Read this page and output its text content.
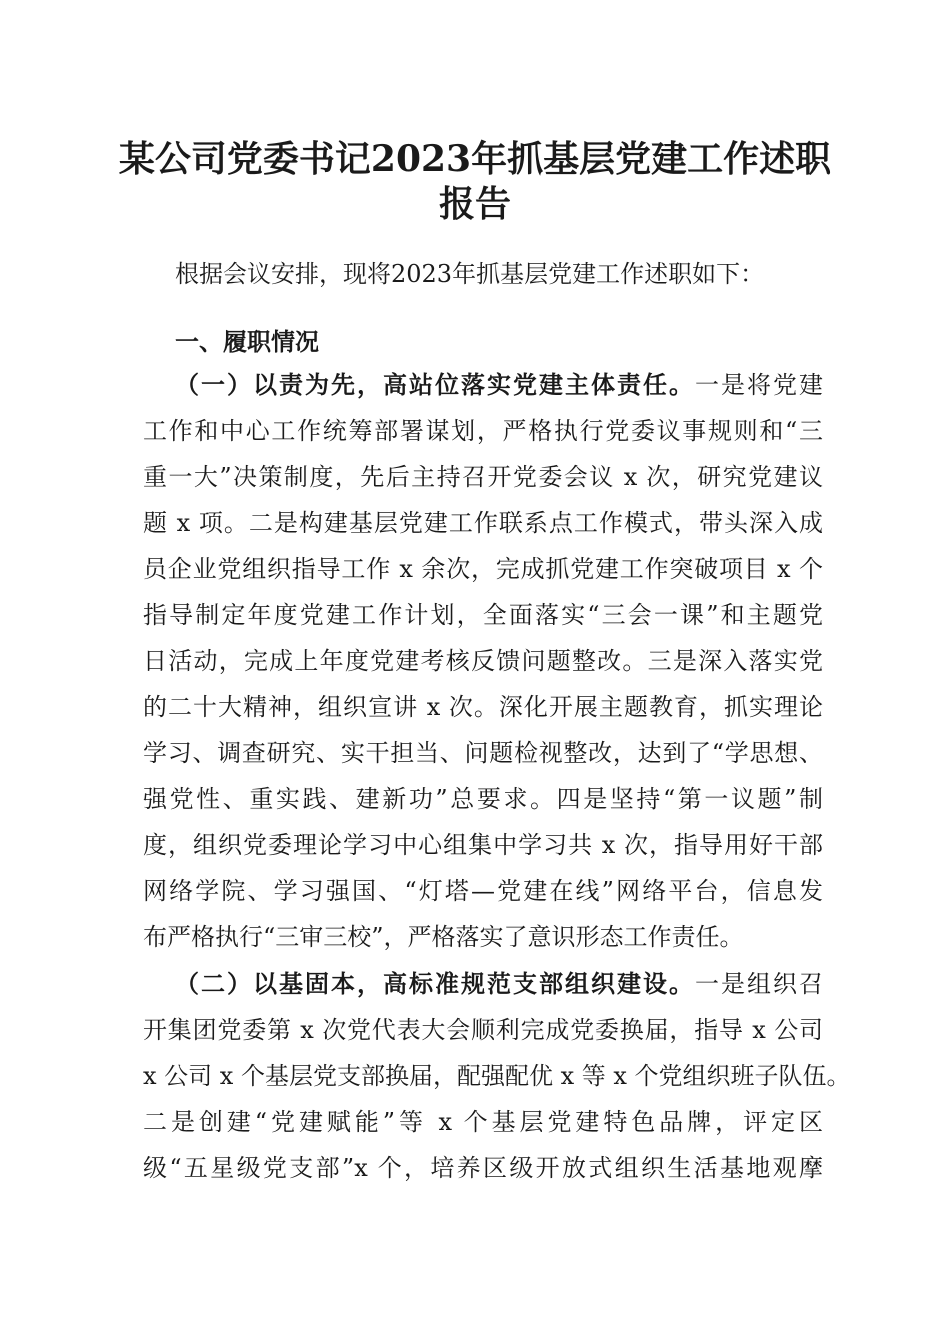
某公司党委书记2023年抓基层党建工作述职
报告
根据会议安排，现将2023年抓基层党建工作述职如下：
一、履职情况
（一）以责为先，高站位落实党建主体责任。一是将党建
工作和中心工作统筹部署谋划，严格执行党委议事规则和“三
重一大”决策制度，先后主持召开党委会议 x 次，研究党建议
题 x 项。二是构建基层党建工作联系点工作模式，带头深入成
员企业党组织指导工作 x 余次，完成抓党建工作突破项目 x 个
指导制定年度党建工作计划，全面落实“三会一课”和主题党
日活动，完成上年度党建考核反馈问题整改。三是深入落实党
的二十大精神，组织宣讲 x 次。深化开展主题教育，抓实理论
学习、调查研究、实干担当、问题检视整改，达到了“学思想、
强党性、重实践、建新功”总要求。四是坚持“第一议题”制
度，组织党委理论学习中心组集中学习共 x 次，指导用好干部
网络学院、学习强国、“灯塔—党建在线”网络平台，信息发
布严格执行“三审三校”，严格落实了意识形态工作责任。
（二）以基固本，高标准规范支部组织建设。一是组织召
开集团党委第 x 次党代表大会顺利完成党委换届，指导 x 公司
x 公司 x 个基层党支部换届，配强配优 x 等 x 个党组织班子队伍。
二是创建“党建赋能”等 x 个基层党建特色品牌，评定区
级“五星级党支部”x 个，培养区级开放式组织生活基地观摩
